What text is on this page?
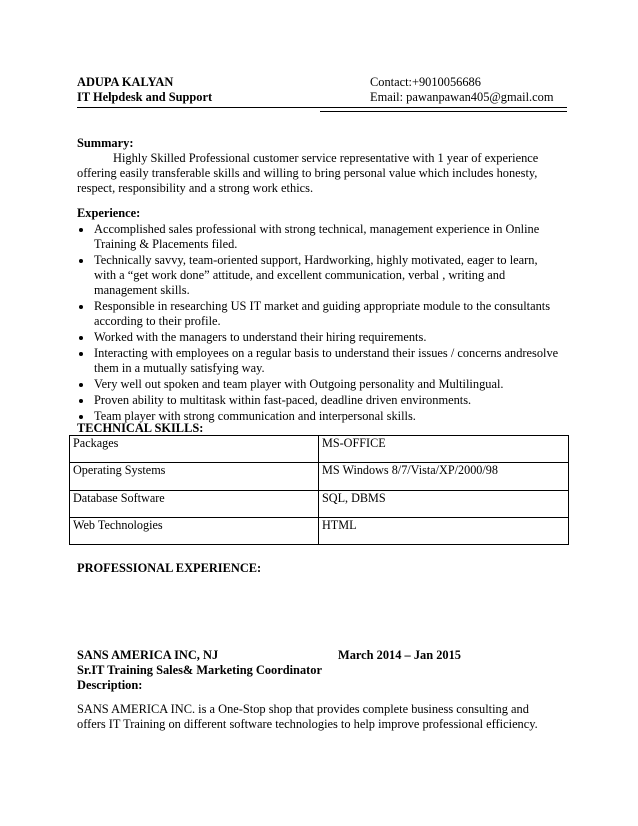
ADUPA KALYAN
IT Helpdesk and Support
Contact:+9010056686
Email: pawanpawan405@gmail.com
Summary:
Highly Skilled Professional customer service representative with 1 year of experience
offering easily transferable skills and willing to bring personal value which includes honesty,
respect, responsibility and a strong work ethics.
Experience:
Accomplished sales professional with strong technical, management experience in Online
Training & Placements filed.
Technically savvy, team-oriented support, Hardworking, highly motivated, eager to learn,
with a “get work done” attitude, and excellent communication, verbal , writing and
management skills.
Responsible in researching US IT market and guiding appropriate module to the consultants
according to their profile.
Worked with the managers to understand their hiring requirements.
Interacting with employees on a regular basis to understand their issues / concerns andresolve
them in a mutually satisfying way.
Very well out spoken and team player with Outgoing personality and Multilingual.
Proven ability to multitask within fast-paced, deadline driven environments.
Team player with strong communication and interpersonal skills.
TECHNICAL SKILLS:
Packages	MS-OFFICE
Operating Systems	MS Windows 8/7/Vista/XP/2000/98
Database Software	SQL, DBMS
Web Technologies	HTML
PROFESSIONAL EXPERIENCE:
SANS AMERICA INC, NJ	March 2014 – Jan 2015
Sr.IT Training Sales& Marketing Coordinator
Description:
SANS AMERICA INC. is a One-Stop shop that provides complete business consulting and
offers IT Training on different software technologies to help improve professional efficiency.
